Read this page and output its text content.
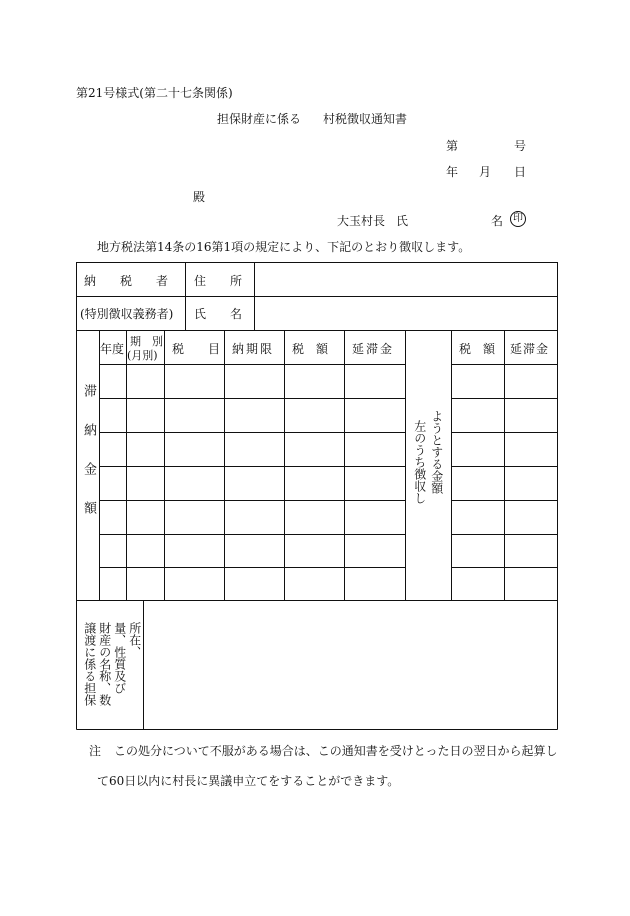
第21号様式(第二十七条関係)
担保財産に係る 村税徴収通知書
第	号
年 月 日
殿
大玉村長 氏	名 印
地方税法第14条の16第1項の規定により、下記のとおり徴収します。
納　　税　　者
(特別徴収義務者)
住　　所
氏　　名
滞納金額
年度
期　別
(月別) 税　　目 納期限 税　額 延滞金
ようとする金額
左のうち徴収し
税　額 延滞金
所在、
量、性質及び
財産の名称、数
譲渡に係る担保
注 この処分について不服がある場合は、この通知書を受けとった日の翌日から起算し
て60日以内に村長に異議申立てをすることができます。
